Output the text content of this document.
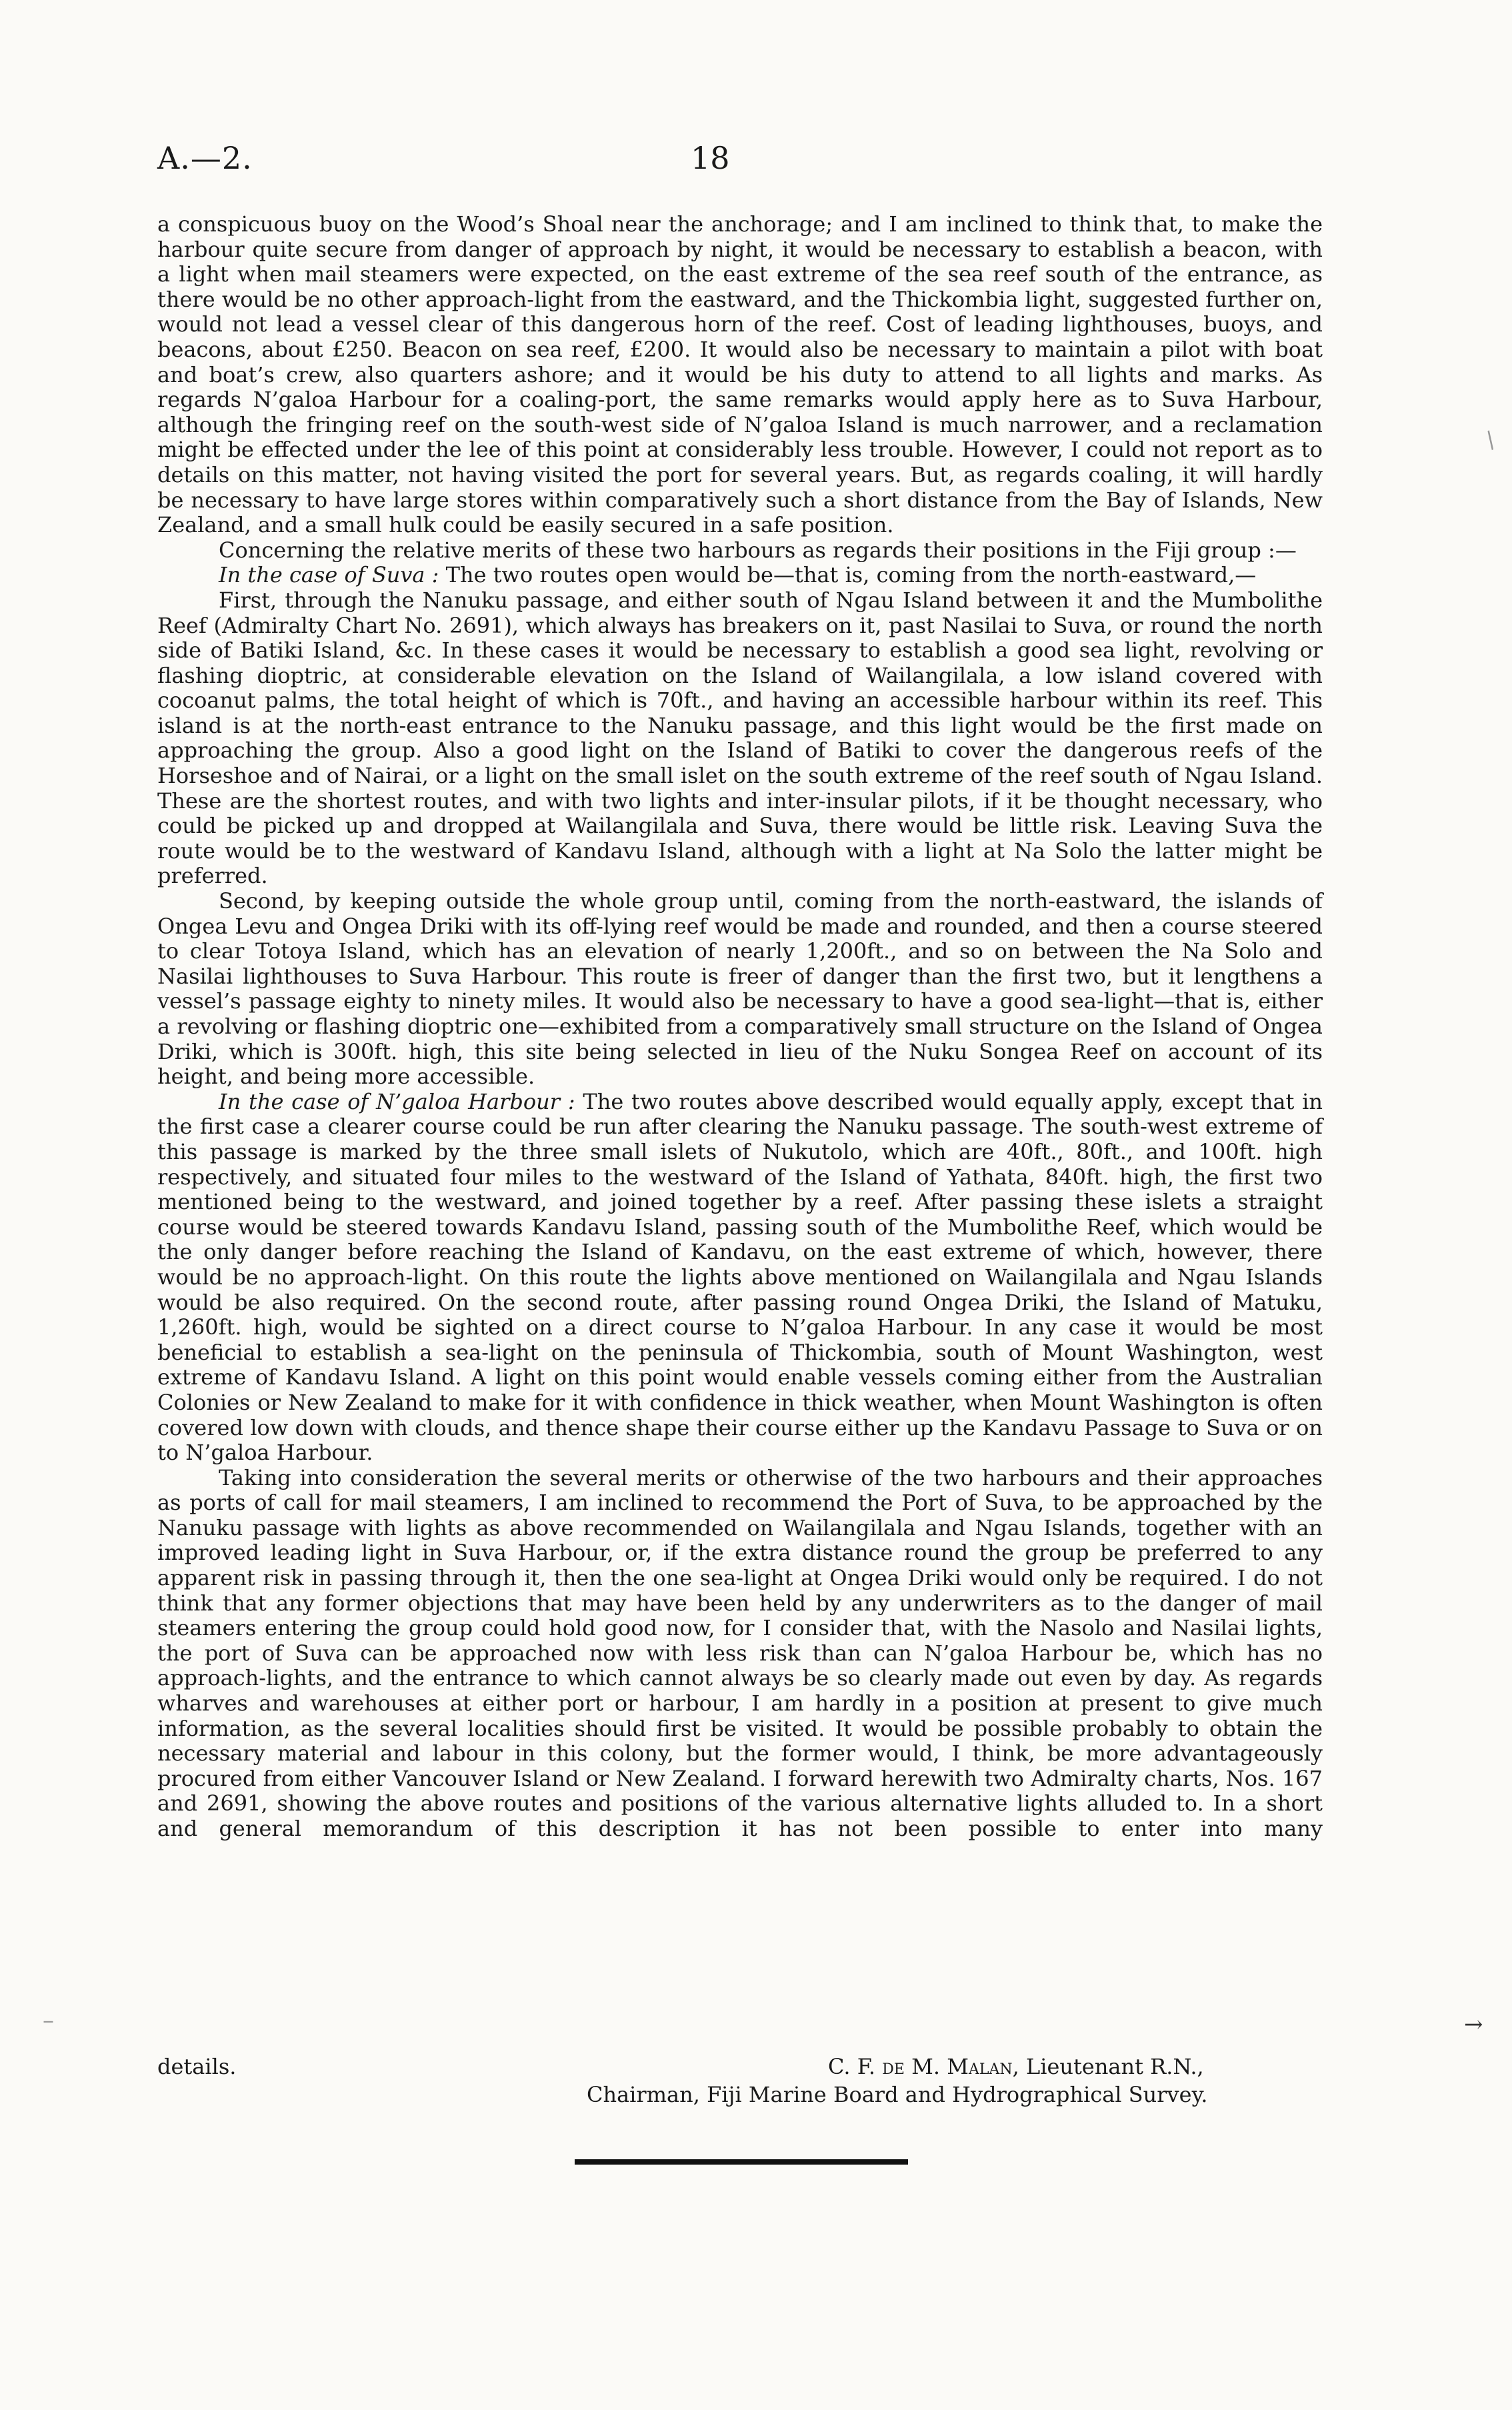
A.—2.	18

a conspicuous buoy on the Wood’s Shoal near the anchorage; and I am inclined to think that, to make the harbour quite secure from danger of approach by night, it would be necessary to establish a beacon, with a light when mail steamers were expected, on the east extreme of the sea reef south of the entrance, as there would be no other approach-light from the eastward, and the Thickombia light, suggested further on, would not lead a vessel clear of this dangerous horn of the reef. Cost of leading lighthouses, buoys, and beacons, about £250. Beacon on sea reef, £200. It would also be necessary to maintain a pilot with boat and boat’s crew, also quarters ashore; and it would be his duty to attend to all lights and marks. As regards N’galoa Harbour for a coaling-port, the same remarks would apply here as to Suva Harbour, although the fringing reef on the south-west side of N’galoa Island is much narrower, and a reclamation might be effected under the lee of this point at considerably less trouble. However, I could not report as to details on this matter, not having visited the port for several years. But, as regards coaling, it will hardly be necessary to have large stores within comparatively such a short distance from the Bay of Islands, New Zealand, and a small hulk could be easily secured in a safe position.

Concerning the relative merits of these two harbours as regards their positions in the Fiji group :—

In the case of Suva : The two routes open would be—that is, coming from the north-eastward,—

First, through the Nanuku passage, and either south of Ngau Island between it and the Mumbolithe Reef (Admiralty Chart No. 2691), which always has breakers on it, past Nasilai to Suva, or round the north side of Batiki Island, &c. In these cases it would be necessary to establish a good sea light, revolving or flashing dioptric, at considerable elevation on the Island of Wailangilala, a low island covered with cocoanut palms, the total height of which is 70ft., and having an accessible harbour within its reef. This island is at the north-east entrance to the Nanuku passage, and this light would be the first made on approaching the group. Also a good light on the Island of Batiki to cover the dangerous reefs of the Horseshoe and of Nairai, or a light on the small islet on the south extreme of the reef south of Ngau Island. These are the shortest routes, and with two lights and inter-insular pilots, if it be thought necessary, who could be picked up and dropped at Wailangilala and Suva, there would be little risk. Leaving Suva the route would be to the westward of Kandavu Island, although with a light at Na Solo the latter might be preferred.

Second, by keeping outside the whole group until, coming from the north-eastward, the islands of Ongea Levu and Ongea Driki with its off-lying reef would be made and rounded, and then a course steered to clear Totoya Island, which has an elevation of nearly 1,200ft., and so on between the Na Solo and Nasilai lighthouses to Suva Harbour. This route is freer of danger than the first two, but it lengthens a vessel’s passage eighty to ninety miles. It would also be necessary to have a good sea-light—that is, either a revolving or flashing dioptric one—exhibited from a comparatively small structure on the Island of Ongea Driki, which is 300ft. high, this site being selected in lieu of the Nuku Songea Reef on account of its height, and being more accessible.

In the case of N’galoa Harbour : The two routes above described would equally apply, except that in the first case a clearer course could be run after clearing the Nanuku passage. The south-west extreme of this passage is marked by the three small islets of Nukutolo, which are 40ft., 80ft., and 100ft. high respectively, and situated four miles to the westward of the Island of Yathata, 840ft. high, the first two mentioned being to the westward, and joined together by a reef. After passing these islets a straight course would be steered towards Kandavu Island, passing south of the Mumbolithe Reef, which would be the only danger before reaching the Island of Kandavu, on the east extreme of which, however, there would be no approach-light. On this route the lights above mentioned on Wailangilala and Ngau Islands would be also required. On the second route, after passing round Ongea Driki, the Island of Matuku, 1,260ft. high, would be sighted on a direct course to N’galoa Harbour. In any case it would be most beneficial to establish a sea-light on the peninsula of Thickombia, south of Mount Washington, west extreme of Kandavu Island. A light on this point would enable vessels coming either from the Australian Colonies or New Zealand to make for it with confidence in thick weather, when Mount Washington is often covered low down with clouds, and thence shape their course either up the Kandavu Passage to Suva or on to N’galoa Harbour.

Taking into consideration the several merits or otherwise of the two harbours and their approaches as ports of call for mail steamers, I am inclined to recommend the Port of Suva, to be approached by the Nanuku passage with lights as above recommended on Wailangilala and Ngau Islands, together with an improved leading light in Suva Harbour, or, if the extra distance round the group be preferred to any apparent risk in passing through it, then the one sea-light at Ongea Driki would only be required. I do not think that any former objections that may have been held by any underwriters as to the danger of mail steamers entering the group could hold good now, for I consider that, with the Nasolo and Nasilai lights, the port of Suva can be approached now with less risk than can N’galoa Harbour be, which has no approach-lights, and the entrance to which cannot always be so clearly made out even by day. As regards wharves and warehouses at either port or harbour, I am hardly in a position at present to give much information, as the several localities should first be visited. It would be possible probably to obtain the necessary material and labour in this colony, but the former would, I think, be more advantageously procured from either Vancouver Island or New Zealand. I forward herewith two Admiralty charts, Nos. 167 and 2691, showing the above routes and positions of the various alternative lights alluded to. In a short and general memorandum of this description it has not been possible to enter into many

details.	C. F. de M. Malan, Lieutenant R.N.,
Chairman, Fiji Marine Board and Hydrographical Survey.
/
–	→
